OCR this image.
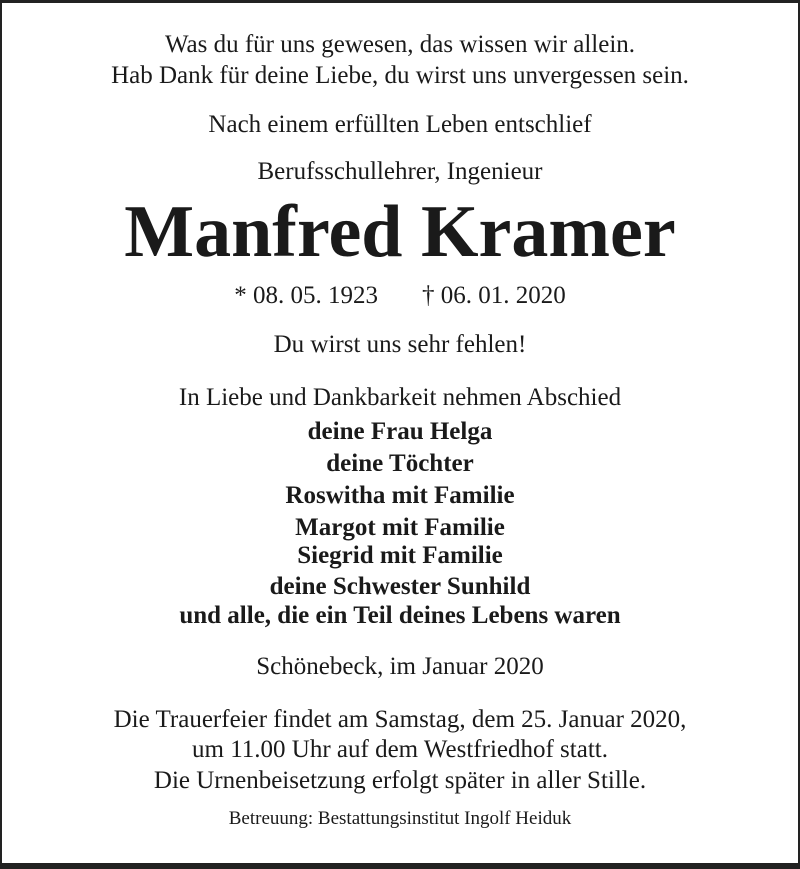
Was du für uns gewesen, das wissen wir allein.
Hab Dank für deine Liebe, du wirst uns unvergessen sein.
Nach einem erfüllten Leben entschlief
Berufsschullehrer, Ingenieur
Manfred Kramer
* 08. 05. 1923 † 06. 01. 2020
Du wirst uns sehr fehlen!
In Liebe und Dankbarkeit nehmen Abschied
deine Frau Helga
deine Töchter
Roswitha mit Familie
Margot mit Familie
Siegrid mit Familie
deine Schwester Sunhild
und alle, die ein Teil deines Lebens waren
Schönebeck, im Januar 2020
Die Trauerfeier findet am Samstag, dem 25. Januar 2020,
um 11.00 Uhr auf dem Westfriedhof statt.
Die Urnenbeisetzung erfolgt später in aller Stille.
Betreuung: Bestattungsinstitut Ingolf Heiduk
